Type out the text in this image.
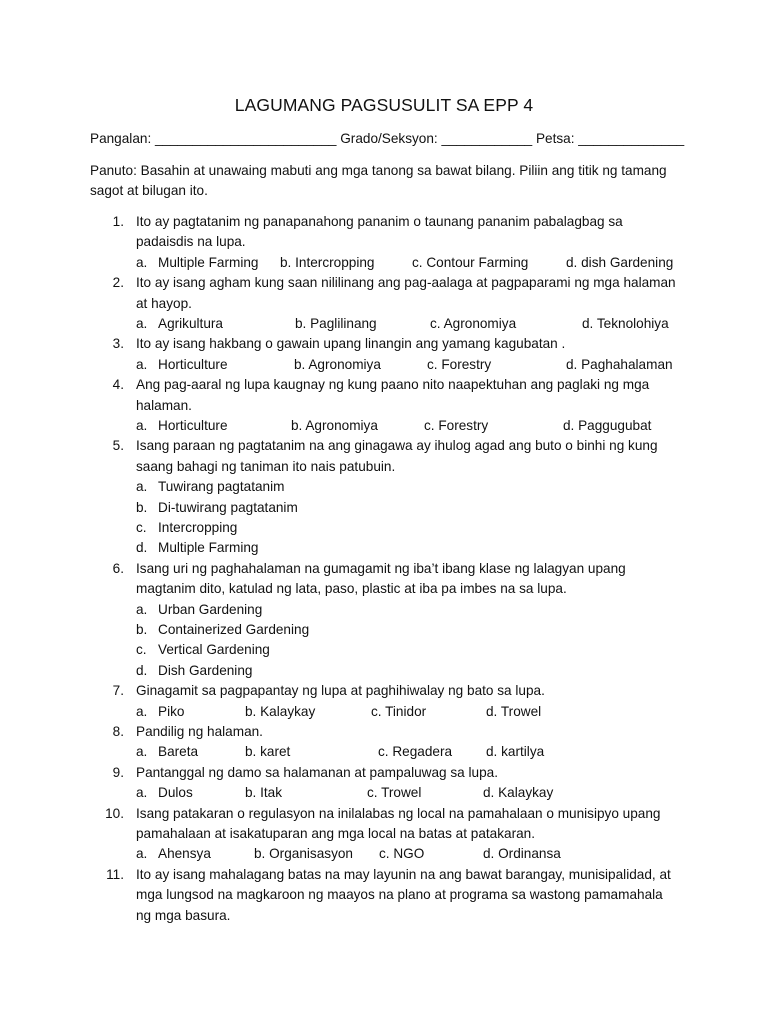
LAGUMANG PAGSUSULIT SA EPP 4
Pangalan: ________________________ Grado/Seksyon: ____________ Petsa: ______________
Panuto: Basahin at unawaing mabuti ang mga tanong sa bawat bilang. Piliin ang titik ng tamang
sagot at bilugan ito.
1. Ito ay pagtatanim ng panapanahong pananim o taunang pananim pabalagbag sa
padaisdis na lupa.
a. Multiple Farming b. Intercropping	c. Contour Farming	d. dish Gardening
2. Ito ay isang agham kung saan nililinang ang pag-aalaga at pagpaparami ng mga halaman
at hayop.
a. Agrikultura	b. Paglilinang	c. Agronomiya	d. Teknolohiya
3. Ito ay isang hakbang o gawain upang linangin ang yamang kagubatan .
a. Horticulture	b. Agronomiya	c. Forestry	d. Paghahalaman
4. Ang pag-aaral ng lupa kaugnay ng kung paano nito naapektuhan ang paglaki ng mga
halaman.
a. Horticulture	b. Agronomiya	c. Forestry	d. Paggugubat
5. Isang paraan ng pagtatanim na ang ginagawa ay ihulog agad ang buto o binhi ng kung
saang bahagi ng taniman ito nais patubuin.
a. Tuwirang pagtatanim
b. Di-tuwirang pagtatanim
c. Intercropping
d. Multiple Farming
6. Isang uri ng paghahalaman na gumagamit ng iba’t ibang klase ng lalagyan upang
magtanim dito, katulad ng lata, paso, plastic at iba pa imbes na sa lupa.
a. Urban Gardening
b. Containerized Gardening
c. Vertical Gardening
d. Dish Gardening
7. Ginagamit sa pagpapantay ng lupa at paghihiwalay ng bato sa lupa.
a. Piko	b. Kalaykay	c. Tinidor	d. Trowel
8. Pandilig ng halaman.
a. Bareta	b. karet	c. Regadera d. kartilya
9. Pantanggal ng damo sa halamanan at pampaluwag sa lupa.
a. Dulos	b. Itak	c. Trowel	d. Kalaykay
10. Isang patakaran o regulasyon na inilalabas ng local na pamahalaan o munisipyo upang
pamahalaan at isakatuparan ang mga local na batas at patakaran.
a. Ahensya	b. Organisasyon c. NGO	d. Ordinansa
11. Ito ay isang mahalagang batas na may layunin na ang bawat barangay, munisipalidad, at
mga lungsod na magkaroon ng maayos na plano at programa sa wastong pamamahala
ng mga basura.
